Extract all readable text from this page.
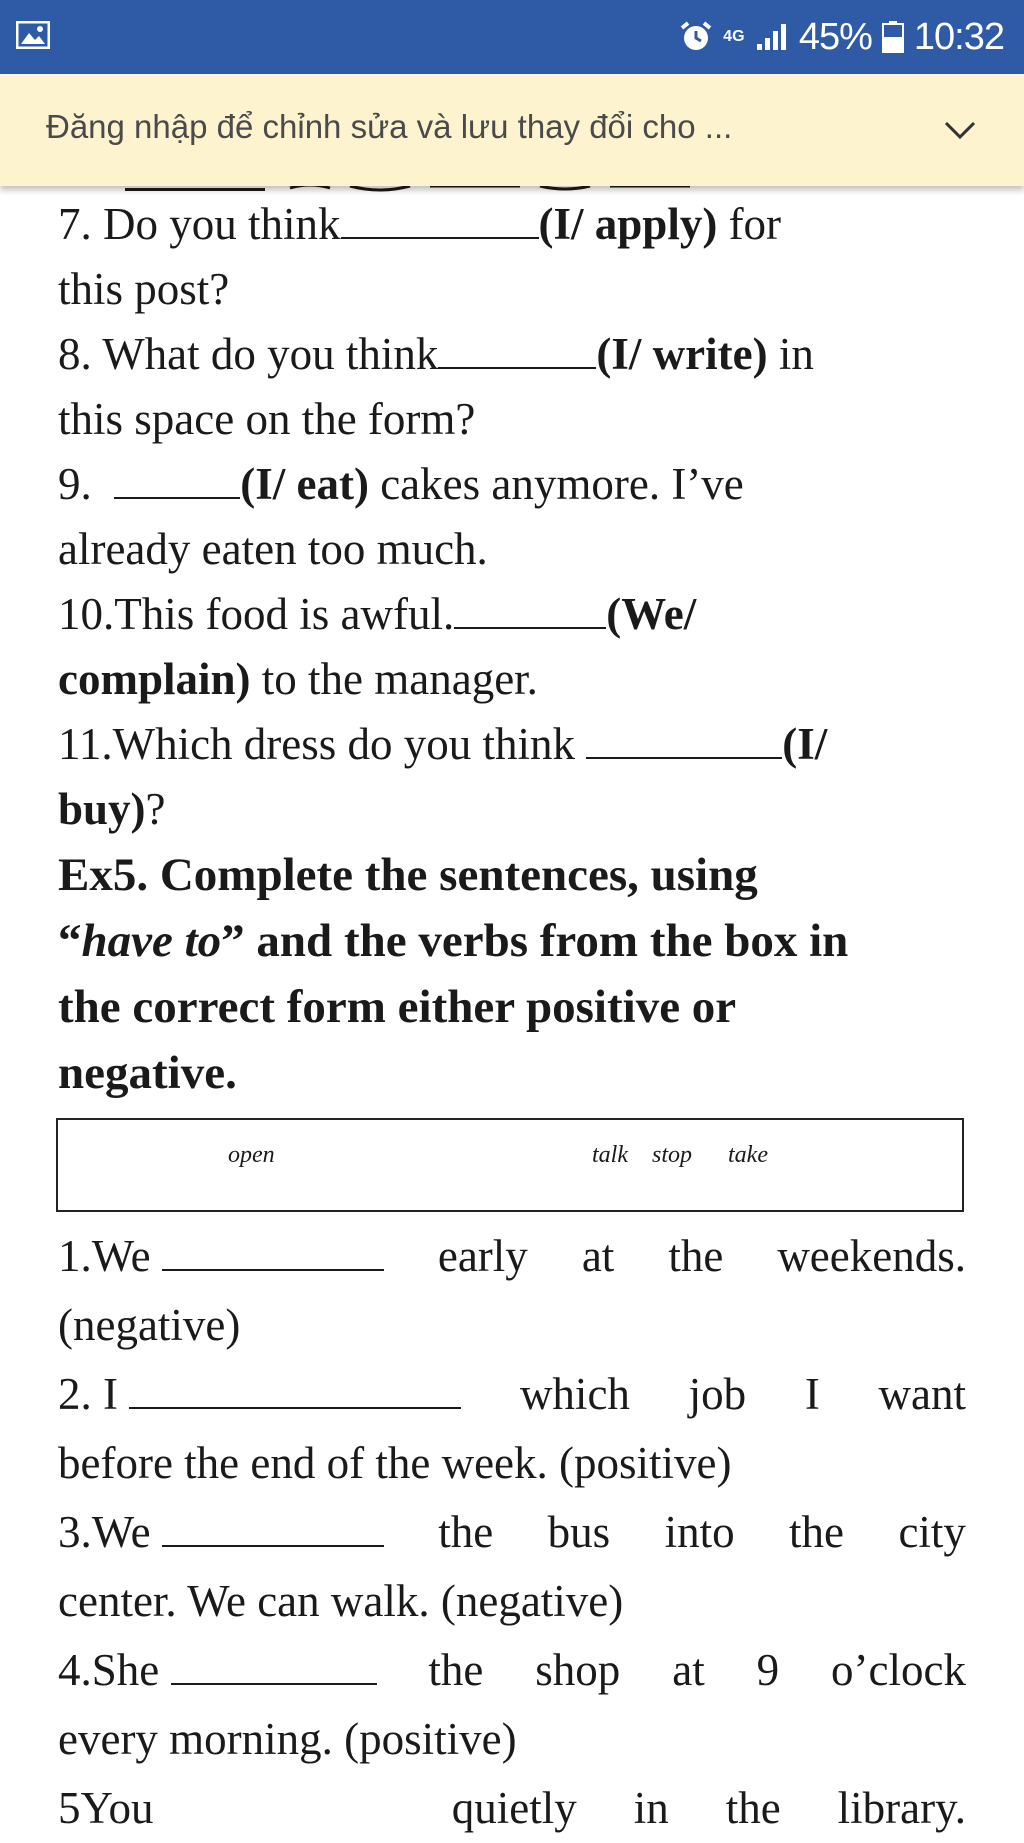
4G 45% 10:32
Đăng nhập để chỉnh sửa và lưu thay đổi cho ...
7. Do you think	(I/ apply) for
this post?
8. What do you think	(I/ write) in
this space on the form?
9.	(I/ eat) cakes anymore. I’ve
already eaten too much.
10.This food is awful.	(We/
complain) to the manager.
11.Which dress do you think	(I/
buy)?
Ex5. Complete the sentences, using
“have to” and the verbs from the box in
the correct form either positive or
negative.
open	talk stop take
1.We	early at the weekends.
(negative)
2. I	which job I want
before the end of the week. (positive)
3.We	the bus into the city
center. We can walk. (negative)
4.She	the shop at 9 o’clock
every morning. (positive)
5You	quietly in the library.
